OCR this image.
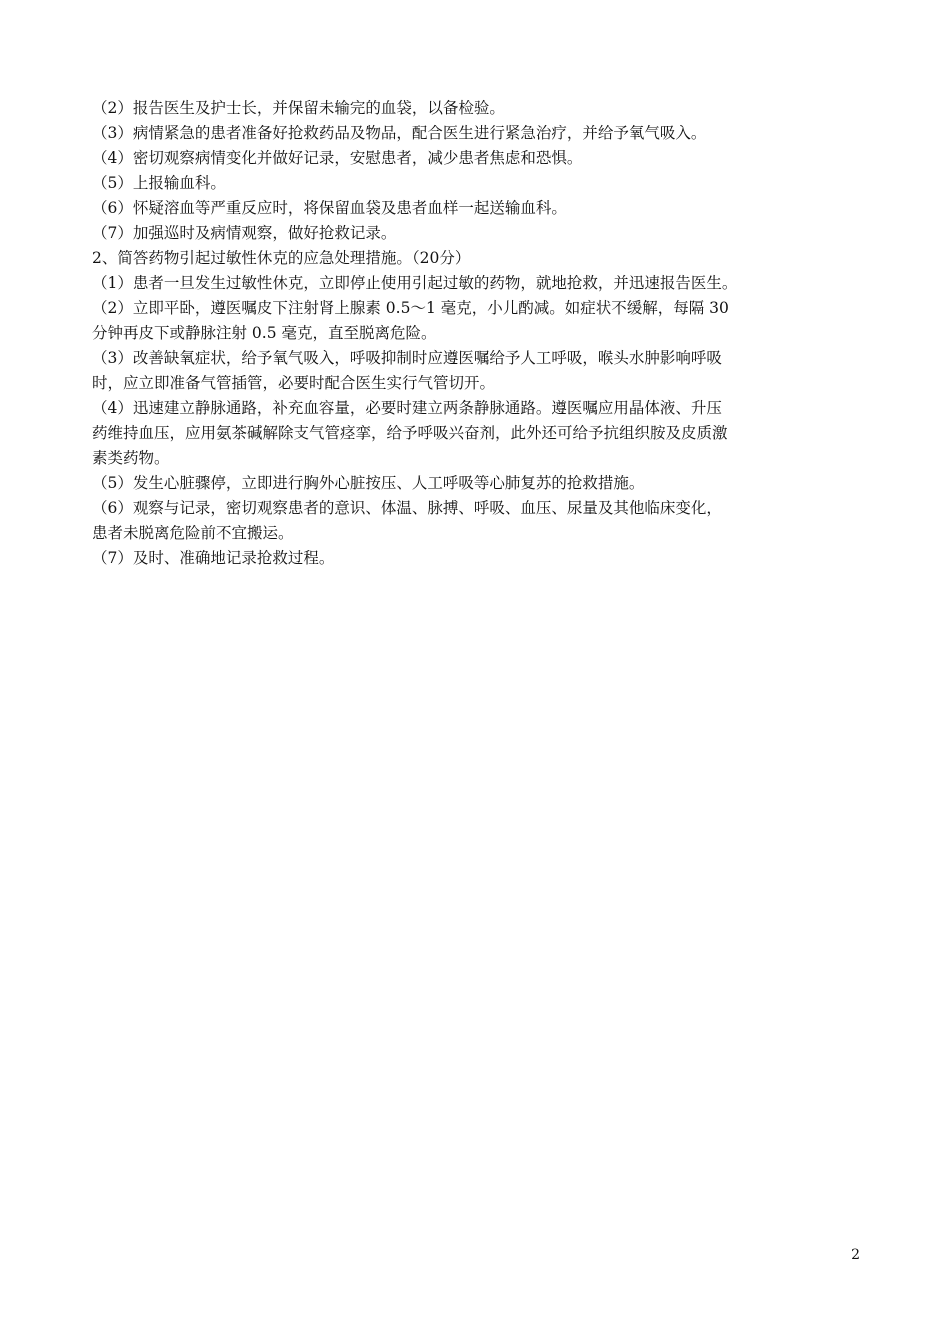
（2）报告医生及护士长，并保留未输完的血袋，以备检验。

（3）病情紧急的患者准备好抢救药品及物品，配合医生进行紧急治疗，并给予氧气吸入。

（4）密切观察病情变化并做好记录，安慰患者，减少患者焦虑和恐惧。

（5）上报输血科。

（6）怀疑溶血等严重反应时，将保留血袋及患者血样一起送输血科。

（7）加强巡时及病情观察，做好抢救记录。

2、简答药物引起过敏性休克的应急处理措施。（20分）

（1）患者一旦发生过敏性休克，立即停止使用引起过敏的药物，就地抢救，并迅速报告医生。

（2）立即平卧，遵医嘱皮下注射肾上腺素 0.5～1 毫克，小儿酌减。如症状不缓解，每隔 30

分钟再皮下或静脉注射 0.5 毫克，直至脱离危险。

（3）改善缺氧症状，给予氧气吸入，呼吸抑制时应遵医嘱给予人工呼吸，喉头水肿影响呼吸

时，应立即准备气管插管，必要时配合医生实行气管切开。

（4）迅速建立静脉通路，补充血容量，必要时建立两条静脉通路。遵医嘱应用晶体液、升压

药维持血压，应用氨茶碱解除支气管痉挛，给予呼吸兴奋剂，此外还可给予抗组织胺及皮质激

素类药物。

（5）发生心脏骤停，立即进行胸外心脏按压、人工呼吸等心肺复苏的抢救措施。

（6）观察与记录，密切观察患者的意识、体温、脉搏、呼吸、血压、尿量及其他临床变化，

患者未脱离危险前不宜搬运。

（7）及时、准确地记录抢救过程。

2
